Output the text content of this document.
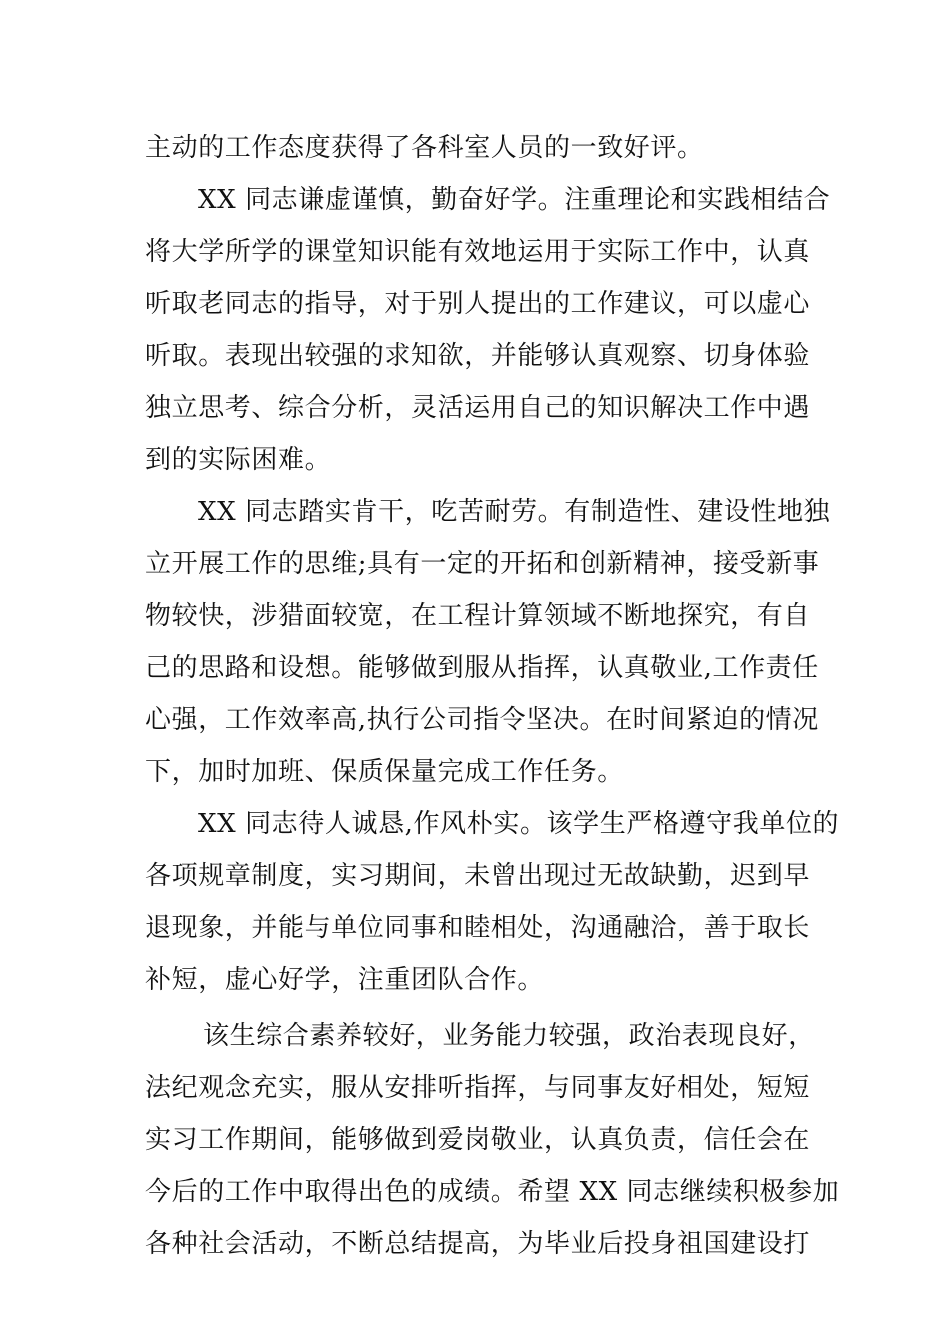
主动的工作态度获得了各科室人员的一致好评。
XX 同志谦虚谨慎，勤奋好学。注重理论和实践相结合
将大学所学的课堂知识能有效地运用于实际工作中，认真
听取老同志的指导，对于别人提出的工作建议，可以虚心
听取。表现出较强的求知欲，并能够认真观察、切身体验
独立思考、综合分析，灵活运用自己的知识解决工作中遇
到的实际困难。
XX 同志踏实肯干，吃苦耐劳。有制造性、建设性地独
立开展工作的思维;具有一定的开拓和创新精神，接受新事
物较快，涉猎面较宽，在工程计算领域不断地探究，有自
己的思路和设想。能够做到服从指挥，认真敬业,工作责任
心强，工作效率高,执行公司指令坚决。在时间紧迫的情况
下，加时加班、保质保量完成工作任务。
XX 同志待人诚恳,作风朴实。该学生严格遵守我单位的
各项规章制度，实习期间，未曾出现过无故缺勤，迟到早
退现象，并能与单位同事和睦相处，沟通融洽，善于取长
补短，虚心好学，注重团队合作。
该生综合素养较好，业务能力较强，政治表现良好，
法纪观念充实，服从安排听指挥，与同事友好相处，短短
实习工作期间，能够做到爱岗敬业，认真负责，信任会在
今后的工作中取得出色的成绩。希望 XX 同志继续积极参加
各种社会活动，不断总结提高，为毕业后投身祖国建设打
